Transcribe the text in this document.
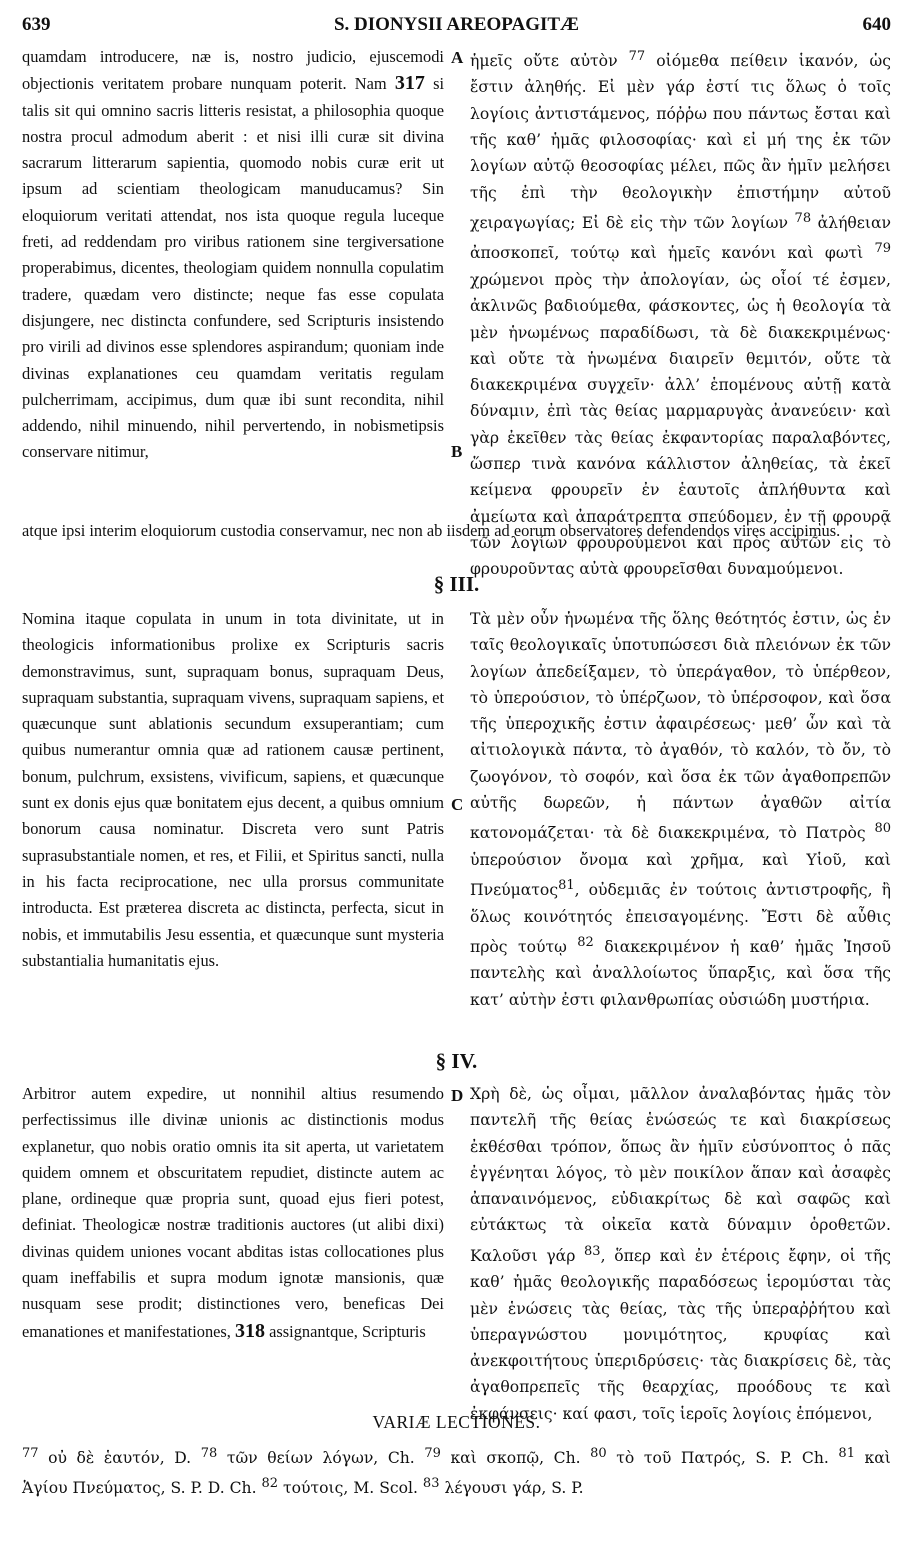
639	S. DIONYSII AREOPAGITÆ	640

quamdam introducere, næ is, nostro judicio, ejuscemodi objectionis veritatem probare nunquam poterit. Nam 317 si talis sit qui omnino sacris litteris resistat, a philosophia quoque nostra procul admodum aberit : et nisi illi curæ sit divina sacrarum litterarum sapientia, quomodo nobis curæ erit ut ipsum ad scientiam theologicam manuducamus? Sin eloquiorum veritati attendat, nos ista quoque regula luceque freti, ad reddendam pro viribus rationem sine tergiversatione properabimus, dicentes, theologiam quidem nonnulla copulatim tradere, quædam vero distincte; neque fas esse copulata disjungere, nec distincta confundere, sed Scripturis insistendo pro virili ad divinos esse splendores aspirandum; quoniam inde divinas explanationes ceu quamdam veritatis regulam pulcherrimam, accipimus, dum quæ ibi sunt recondita, nihil addendo, nihil minuendo, nihil pervertendo, in nobismetipsis conservare nitimur,

A
B

ἡμεῖς οὔτε αὐτὸν $^{77}$ οἰόμεθα πείθειν ἱκανόν, ὡς ἔστιν ἀληθής. Εἰ μὲν γάρ ἐστί τις ὅλως ὁ τοῖς λογίοις ἀντιστάμενος, πόῤῥω που πάντως ἔσται καὶ τῆς καθ’ ἡμᾶς φιλοσοφίας· καὶ εἰ μή της ἐκ τῶν λογίων αὐτῷ θεοσοφίας μέλει, πῶς ἂν ἡμῖν μελήσει τῆς ἐπὶ τὴν θεολογικὴν ἐπιστήμην αὐτοῦ χειραγωγίας; Εἰ δὲ εἰς τὴν τῶν λογίων $^{78}$ ἀλήθειαν ἀποσκοπεῖ, τούτῳ καὶ ἡμεῖς κανόνι καὶ φωτὶ $^{79}$ χρώμενοι πρὸς τὴν ἀπολογίαν, ὡς οἷοί τέ ἐσμεν, ἀκλινῶς βαδιούμεθα, φάσκοντες, ὡς ἡ θεολογία τὰ μὲν ἡνωμένως παραδίδωσι, τὰ δὲ διακεκριμένως· καὶ οὔτε τὰ ἡνωμένα διαιρεῖν θεμιτόν, οὔτε τὰ διακεκριμένα συγχεῖν· ἀλλ’ ἑπομένους αὐτῇ κατὰ δύναμιν, ἐπὶ τὰς θείας μαρμαρυγὰς ἀνανεύειν· καὶ γὰρ ἐκεῖθεν τὰς θείας ἐκφαντορίας παραλαβόντες, ὥσπερ τινὰ κανόνα κάλλιστον ἀληθείας, τὰ ἐκεῖ κείμενα φρουρεῖν ἐν ἑαυτοῖς ἀπλήθυντα καὶ ἀμείωτα καὶ ἀπαράτρεπτα σπεύδομεν, ἐν τῇ φρουρᾷ τῶν λογίων φρουρούμενοι καὶ πρὸς αὐτῶν εἰς τὸ φρουροῦντας αὐτὰ φρουρεῖσθαι δυναμούμενοι.

atque ipsi interim eloquiorum custodia conservamur, nec non ab iisdem ad eorum observatores defendendos vires accipimus.

§ III.

Nomina itaque copulata in unum in tota divinitate, ut in theologicis informationibus prolixe ex Scripturis sacris demonstravimus, sunt, supraquam bonus, supraquam Deus, supraquam substantia, supraquam vivens, supraquam sapiens, et quæcunque sunt ablationis secundum exsuperantiam; cum quibus numerantur omnia quæ ad rationem causæ pertinent, bonum, pulchrum, exsistens, vivificum, sapiens, et quæcunque sunt ex donis ejus quæ bonitatem ejus decent, a quibus omnium bonorum causa nominatur. Discreta vero sunt Patris suprasubstantiale nomen, et res, et Filii, et Spiritus sancti, nulla in his facta reciprocatione, nec ulla prorsus communitate introducta. Est præterea discreta ac distincta, perfecta, sicut in nobis, et immutabilis Jesu essentia, et quæcunque sunt mysteria substantialia humanitatis ejus.

C

Τὰ μὲν οὖν ἡνωμένα τῆς ὅλης θεότητός ἐστιν, ὡς ἐν ταῖς θεολογικαῖς ὑποτυπώσεσι διὰ πλειόνων ἐκ τῶν λογίων ἀπεδείξαμεν, τὸ ὑπεράγαθον, τὸ ὑπέρθεον, τὸ ὑπερούσιον, τὸ ὑπέρζωον, τὸ ὑπέρσοφον, καὶ ὅσα τῆς ὑπεροχικῆς ἐστιν ἀφαιρέσεως· μεθ’ ὧν καὶ τὰ αἰτιολογικὰ πάντα, τὸ ἀγαθόν, τὸ καλόν, τὸ ὄν, τὸ ζωογόνον, τὸ σοφόν, καὶ ὅσα ἐκ τῶν ἀγαθοπρεπῶν αὐτῆς δωρεῶν, ἡ πάντων ἀγαθῶν αἰτία κατονομάζεται· τὰ δὲ διακεκριμένα, τὸ Πατρὸς $^{80}$ ὑπερούσιον ὄνομα καὶ χρῆμα, καὶ Υἱοῦ, καὶ Πνεύματος$^{81}$, οὐδεμιᾶς ἐν τούτοις ἀντιστροφῆς, ἢ ὅλως κοινότητός ἐπεισαγομένης. Ἔστι δὲ αὖθις πρὸς τούτῳ $^{82}$ διακεκριμένον ἡ καθ’ ἡμᾶς Ἰησοῦ παντελὴς καὶ ἀναλλοίωτος ὕπαρξις, καὶ ὅσα τῆς κατ’ αὐτὴν ἐστι φιλανθρωπίας οὐσιώδη μυστήρια.

§ IV.

Arbitror autem expedire, ut nonnihil altius resumendo perfectissimus ille divinæ unionis ac distinctionis modus explanetur, quo nobis oratio omnis ita sit aperta, ut varietatem quidem omnem et obscuritatem repudiet, distincte autem ac plane, ordineque quæ propria sunt, quoad ejus fieri potest, definiat. Theologicæ nostræ traditionis auctores (ut alibi dixi) divinas quidem uniones vocant abditas istas collocationes plus quam ineffabilis et supra modum ignotæ mansionis, quæ nusquam sese prodit; distinctiones vero, beneficas Dei emanationes et manifestationes, 318 assignantque, Scripturis

D Χρὴ δὲ, ὡς οἶμαι, μᾶλλον ἀναλαβόντας ἡμᾶς τὸν παντελῆ τῆς θείας ἑνώσεώς τε καὶ διακρίσεως ἐκθέσθαι τρόπον, ὅπως ἂν ἡμῖν εὐσύνοπτος ὁ πᾶς ἐγγένηται λόγος, τὸ μὲν ποικίλον ἅπαν καὶ ἀσαφὲς ἀπαναινόμενος, εὐδιακρίτως δὲ καὶ σαφῶς καὶ εὐτάκτως τὰ οἰκεῖα κατὰ δύναμιν ὁροθετῶν. Καλοῦσι γάρ $^{83}$, ὅπερ καὶ ἐν ἑτέροις ἔφην, οἱ τῆς καθ’ ἡμᾶς θεολογικῆς παραδόσεως ἱερομύσται τὰς μὲν ἑνώσεις τὰς θείας, τὰς τῆς ὑπεραῤῥήτου καὶ ὑπεραγνώστου μονιμότητος, κρυφίας καὶ ἀνεκφοιτήτους ὑπεριδρύσεις· τὰς διακρίσεις δὲ, τὰς ἀγαθοπρεπεῖς τῆς θεαρχίας, προόδους τε καὶ ἐκφάνσεις· καί φασι, τοῖς ἱεροῖς λογίοις ἑπόμενοι,

VARIÆ LECTIONES.

$^{77}$ οὐ δὲ ἑαυτόν, D. $^{78}$ τῶν θείων λόγων, Ch. $^{79}$ καὶ σκοπῷ, Ch. $^{80}$ τὸ τοῦ Πατρός, S. P. Ch. $^{81}$ καὶ

Ἁγίου Πνεύματος, S. P. D. Ch. $^{82}$ τούτοις, M. Scol. $^{83}$ λέγουσι γάρ, S. P.
